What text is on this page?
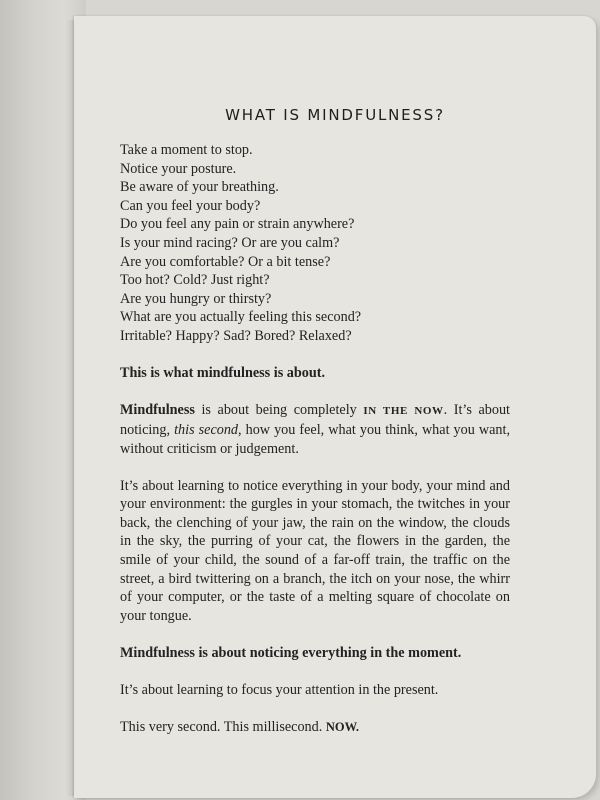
WHAT IS MINDFULNESS?

Take a moment to stop.
Notice your posture.
Be aware of your breathing.
Can you feel your body?
Do you feel any pain or strain anywhere?
Is your mind racing? Or are you calm?
Are you comfortable? Or a bit tense?
Too hot? Cold? Just right?
Are you hungry or thirsty?
What are you actually feeling this second?
Irritable? Happy? Sad? Bored? Relaxed?

This is what mindfulness is about.

Mindfulness is about being completely IN THE NOW. It’s about noticing, this second, how you feel, what you think, what you want, without criticism or judgement.

It’s about learning to notice everything in your body, your mind and your environment: the gurgles in your stomach, the twitches in your back, the clenching of your jaw, the rain on the window, the clouds in the sky, the purring of your cat, the flowers in the garden, the smile of your child, the sound of a far-off train, the traffic on the street, a bird twittering on a branch, the itch on your nose, the whirr of your computer, or the taste of a melting square of chocolate on your tongue.

Mindfulness is about noticing everything in the moment.

It’s about learning to focus your attention in the present.

This very second. This millisecond. NOW.
